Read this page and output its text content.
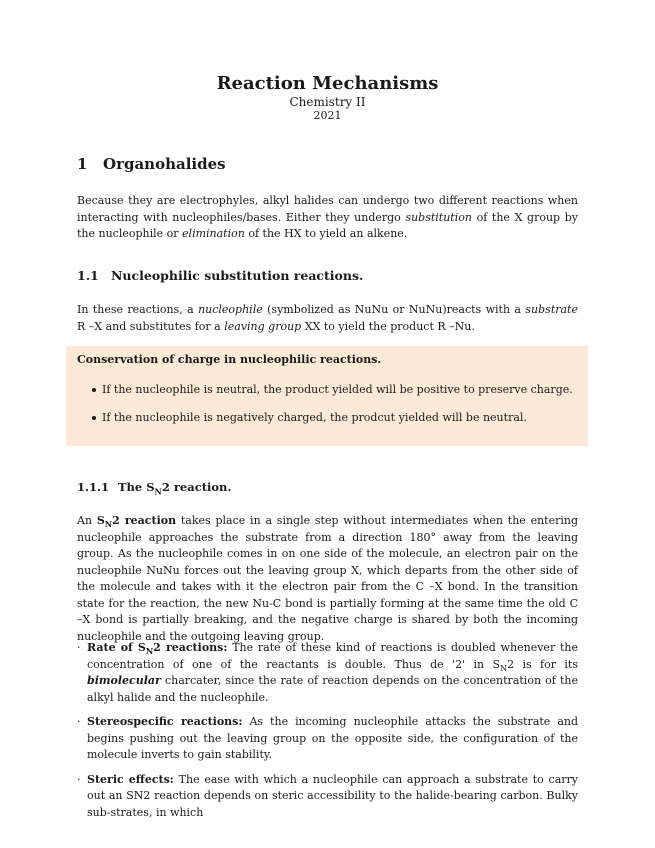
Reaction Mechanisms
Chemistry II
2021
1 Organohalides

Because they are electrophyles, alkyl halides can undergo two different reactions when interacting with nucleophiles/bases. Either they undergo substitution of the X group by the nucleophile or elimination of the HX to yield an alkene.

1.1 Nucleophilic substitution reactions.

In these reactions, a nucleophile (symbolized as NuNu or NuNu)reacts with a substrate R –X and substitutes for a leaving group XX to yield the product R –Nu.

Conservation of charge in nucleophilic reactions.
If the nucleophile is neutral, the product yielded will be positive to preserve charge.
If the nucleophile is negatively charged, the prodcut yielded will be neutral.
1.1.1 The $S_N2$ reaction.

An $S_N2$ reaction takes place in a single step without intermediates when the entering nucleophile approaches the substrate from a direction 180° away from the leaving group. As the nucleophile comes in on one side of the molecule, an electron pair on the nucleophile NuNu forces out the leaving group X, which departs from the other side of the molecule and takes with it the electron pair from the C –X bond. In the transition state for the reaction, the new Nu-C bond is partially forming at the same time the old C –X bond is partially breaking, and the negative charge is shared by both the incoming nucleophile and the outgoing leaving group.

· Rate of $S_N2$ reactions: The rate of these kind of reactions is doubled whenever the concentration of one of the reactants is double. Thus de '2' in $S_N2$ is for its bimolecular charcater, since the rate of reaction depends on the concentration of the alkyl halide and the nucleophile.
· Stereospecific reactions: As the incoming nucleophile attacks the substrate and begins pushing out the leaving group on the opposite side, the configuration of the molecule inverts to gain stability.
· Steric effects: The ease with which a nucleophile can approach a substrate to carry out an SN2 reaction depends on steric accessibility to the halide-bearing carbon. Bulky sub-strates, in which
